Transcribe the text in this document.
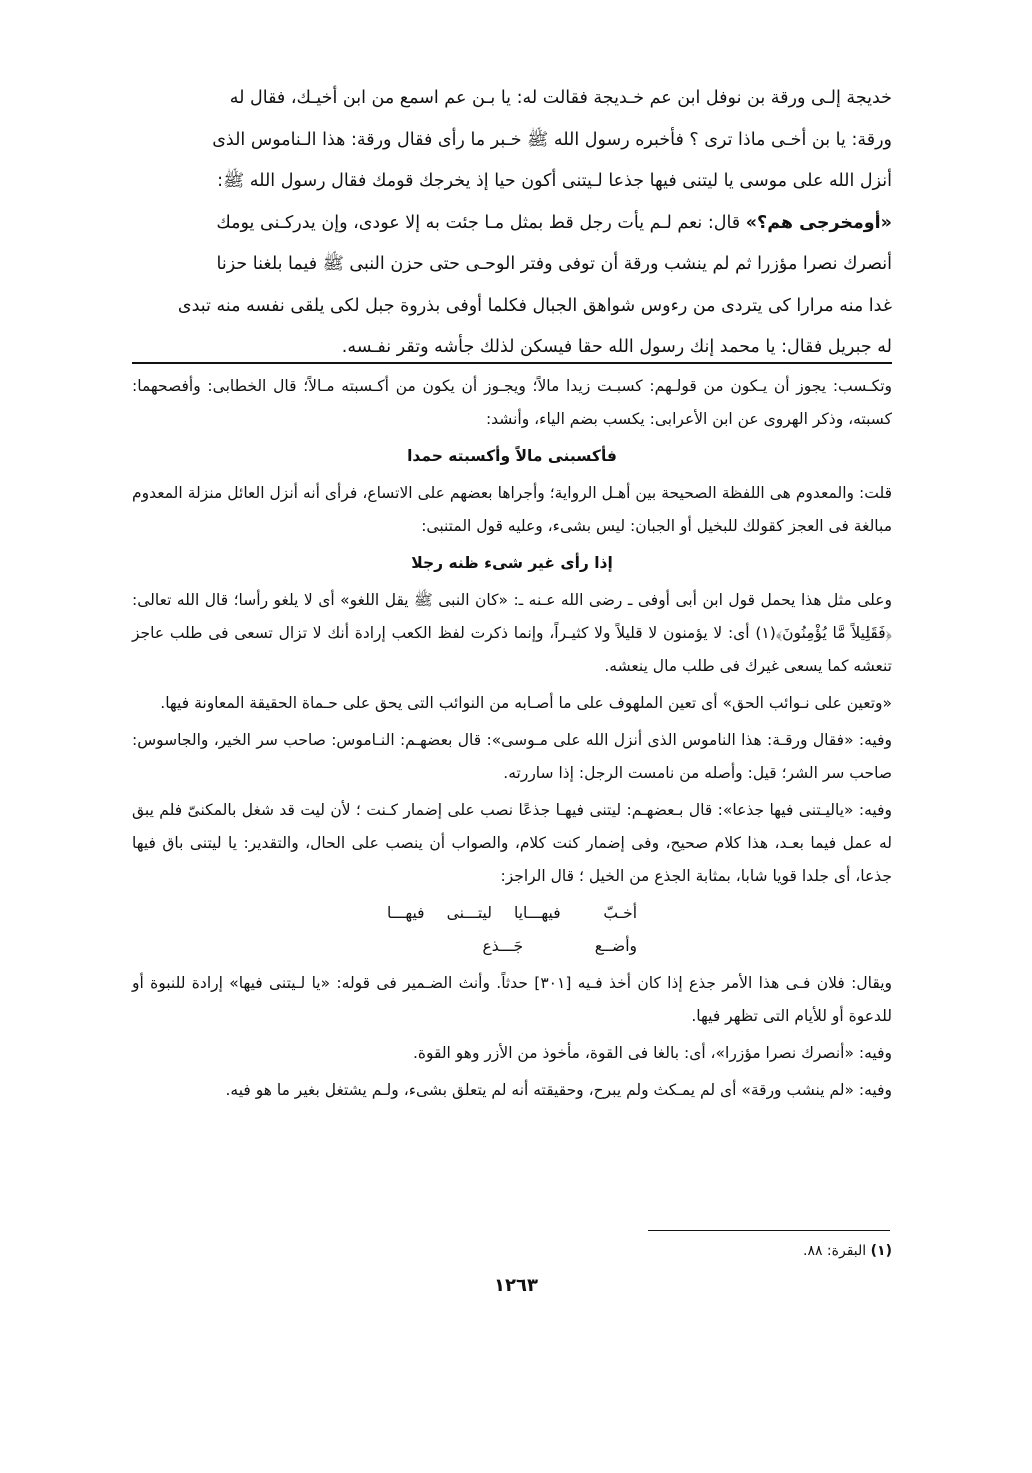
خديجة إلـى ورقة بن نوفل ابن عم خـديجة فقالت له: يا بـن عم اسمع من ابن أخيـك، فقال له

ورقة: يا بن أخـى ماذا ترى ؟ فأخبره رسول الله ﷺ خـبر ما رأى فقال ورقة: هذا الـناموس الذى

أنزل الله على موسى يا ليتنى فيها جذعا لـيتنى أكون حيا إذ يخرجك قومك فقال رسول الله ﷺ:

«أومخرجى هم؟» قال: نعم لـم يأت رجل قط بمثل مـا جئت به إلا عودى، وإن يدركـنى يومك

أنصرك نصرا مؤزرا ثم لم ينشب ورقة أن توفى وفتر الوحـى حتى حزن النبى ﷺ فيما بلغنا حزنا

غدا منه مرارا كى يتردى من رءوس شواهق الجبال فكلما أوفى بذروة جبل لكى يلقى نفسه منه تبدى

له جبريل فقال: يا محمد إنك رسول الله حقا فيسكن لذلك جأشه وتقر نفـسه.

وتكـسب: يجوز أن يـكون من قولـهم: كسبـت زيدا مالاً؛ ويجـوز أن يكون من أكـسبته مـالاً؛ قال الخطابى: وأفصحهما: كسبته، وذكر الهروى عن ابن الأعرابى: يكسب بضم الياء، وأنشد:

فأكسبنى مالاً وأكسبته حمدا

قلت: والمعدوم هى اللفظة الصحيحة بين أهـل الرواية؛ وأجراها بعضهم على الاتساع، فرأى أنه أنزل العائل منزلة المعدوم مبالغة فى العجز كقولك للبخيل أو الجبان: ليس بشىء، وعليه قول المتنبى:

إذا رأى غير شىء ظنه رجلا

وعلى مثل هذا يحمل قول ابن أبى أوفى ـ رضى الله عـنه ـ: «كان النبى ﷺ يقل اللغو» أى لا يلغو رأسا؛ قال الله تعالى: ﴿فَقَلِيلاً مَّا يُؤْمِنُونَ﴾(١) أى: لا يؤمنون لا قليلاً ولا كثيـراً، وإنما ذكرت لفظ الكعب إرادة أنك لا تزال تسعى فى طلب عاجز تنعشه كما يسعى غيرك فى طلب مال ينعشه.

«وتعين على نـوائب الحق» أى تعين الملهوف على ما أصـابه من النوائب التى يحق على حـماة الحقيقة المعاونة فيها.

وفيه: «فقال ورقـة: هذا الناموس الذى أنزل الله على مـوسى»: قال بعضهـم: النـاموس: صاحب سر الخير، والجاسوس: صاحب سر الشر؛ قيل: وأصله من نامست الرجل: إذا ساررته.

وفيه: «ياليـتنى فيها جذعا»: قال بـعضهـم: ليتنى فيهـا جذعًا نصب على إضمار كـنت ؛ لأن ليت قد شغل بالمكنىّ فلم يبق له عمل فيما بعـد، هذا كلام صحيح، وفى إضمار كنت كلام، والصواب أن ينصب على الحال، والتقدير: يا ليتنى باق فيها جذعا، أى جلدا قويا شابا، بمثابة الجذع من الخيل ؛ قال الراجز:

يا ليتـــنى فيهـــا جَـــذع
أخـبّ فيهـــا وأضــع

ويقال: فلان فـى هذا الأمر جذع إذا كان أخذ فـيه [٣٠١] حدثاً. وأنث الضـمير فى قوله: «يا لـيتنى فيها» إرادة للنبوة أو للدعوة أو للأيام التى تظهر فيها.

وفيه: «أنصرك نصرا مؤزرا»، أى: بالغا فى القوة، مأخوذ من الأزر وهو القوة.

وفيه: «لم ينشب ورقة» أى لم يمـكث ولم يبرح، وحقيقته أنه لم يتعلق بشىء، ولـم يشتغل بغير ما هو فيه.

(١) البقرة: ٨٨.
١٢٦٣
